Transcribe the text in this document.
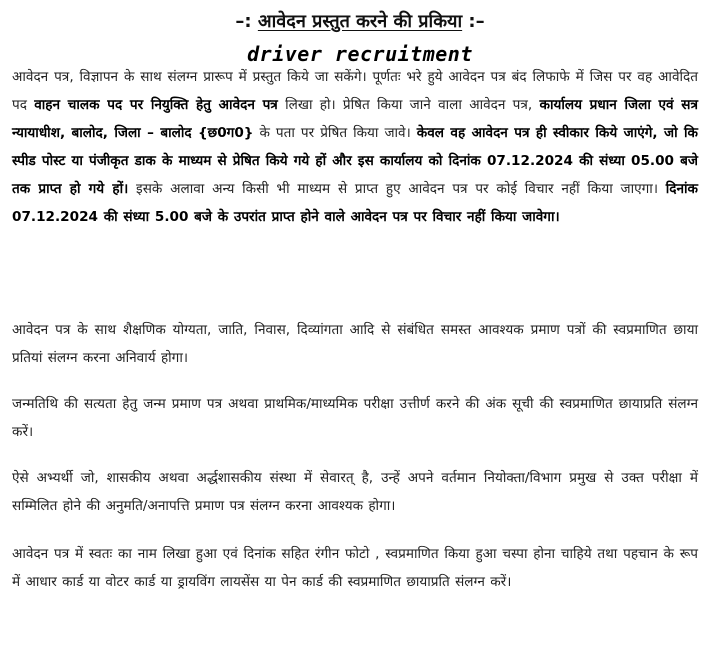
–: आवेदन प्रस्तुत करने की प्रकिया :–
driver recruitment
आवेदन पत्र, विज्ञापन के साथ संलग्न प्रारूप में प्रस्तुत किये जा सकेंगे। पूर्णतः भरे हुये आवेदन पत्र बंद लिफाफे में जिस पर वह आवेदित पद वाहन चालक पद पर नियुक्ति हेतु आवेदन पत्र लिखा हो। प्रेषित किया जाने वाला आवेदन पत्र, कार्यालय प्रधान जिला एवं सत्र न्यायाधीश, बालोद, जिला – बालोद {छ0ग0} के पता पर प्रेषित किया जावे। केवल वह आवेदन पत्र ही स्वीकार किये जाएंगे, जो कि स्पीड पोस्ट या पंजीकृत डाक के माध्यम से प्रेषित किये गये हों और इस कार्यालय को दिनांक 07.12.2024 की संध्या 05.00 बजे तक प्राप्त हो गये हों। इसके अलावा अन्य किसी भी माध्यम से प्राप्त हुए आवेदन पत्र पर कोई विचार नहीं किया जाएगा। दिनांक 07.12.2024 की संध्या 5.00 बजे के उपरांत प्राप्त होने वाले आवेदन पत्र पर विचार नहीं किया जावेगा।
आवेदन पत्र के साथ शैक्षणिक योग्यता, जाति, निवास, दिव्यांगता आदि से संबंधित समस्त आवश्यक प्रमाण पत्रों की स्वप्रमाणित छाया प्रतियां संलग्न करना अनिवार्य होगा।
जन्मतिथि की सत्यता हेतु जन्म प्रमाण पत्र अथवा प्राथमिक/माध्यमिक परीक्षा उत्तीर्ण करने की अंक सूची की स्वप्रमाणित छायाप्रति संलग्न करें।
ऐसे अभ्यर्थी जो, शासकीय अथवा अर्द्धशासकीय संस्था में सेवारत् है, उन्हें अपने वर्तमान नियोक्ता/विभाग प्रमुख से उक्त परीक्षा में सम्मिलित होने की अनुमति/अनापत्ति प्रमाण पत्र संलग्न करना आवश्यक होगा।
आवेदन पत्र में स्वतः का नाम लिखा हुआ एवं दिनांक सहित रंगीन फोटो , स्वप्रमाणित किया हुआ चस्पा होना चाहिये तथा पहचान के रूप में आधार कार्ड या वोटर कार्ड या ड्रायविंग लायसेंस या पेन कार्ड की स्वप्रमाणित छायाप्रति संलग्न करें।
